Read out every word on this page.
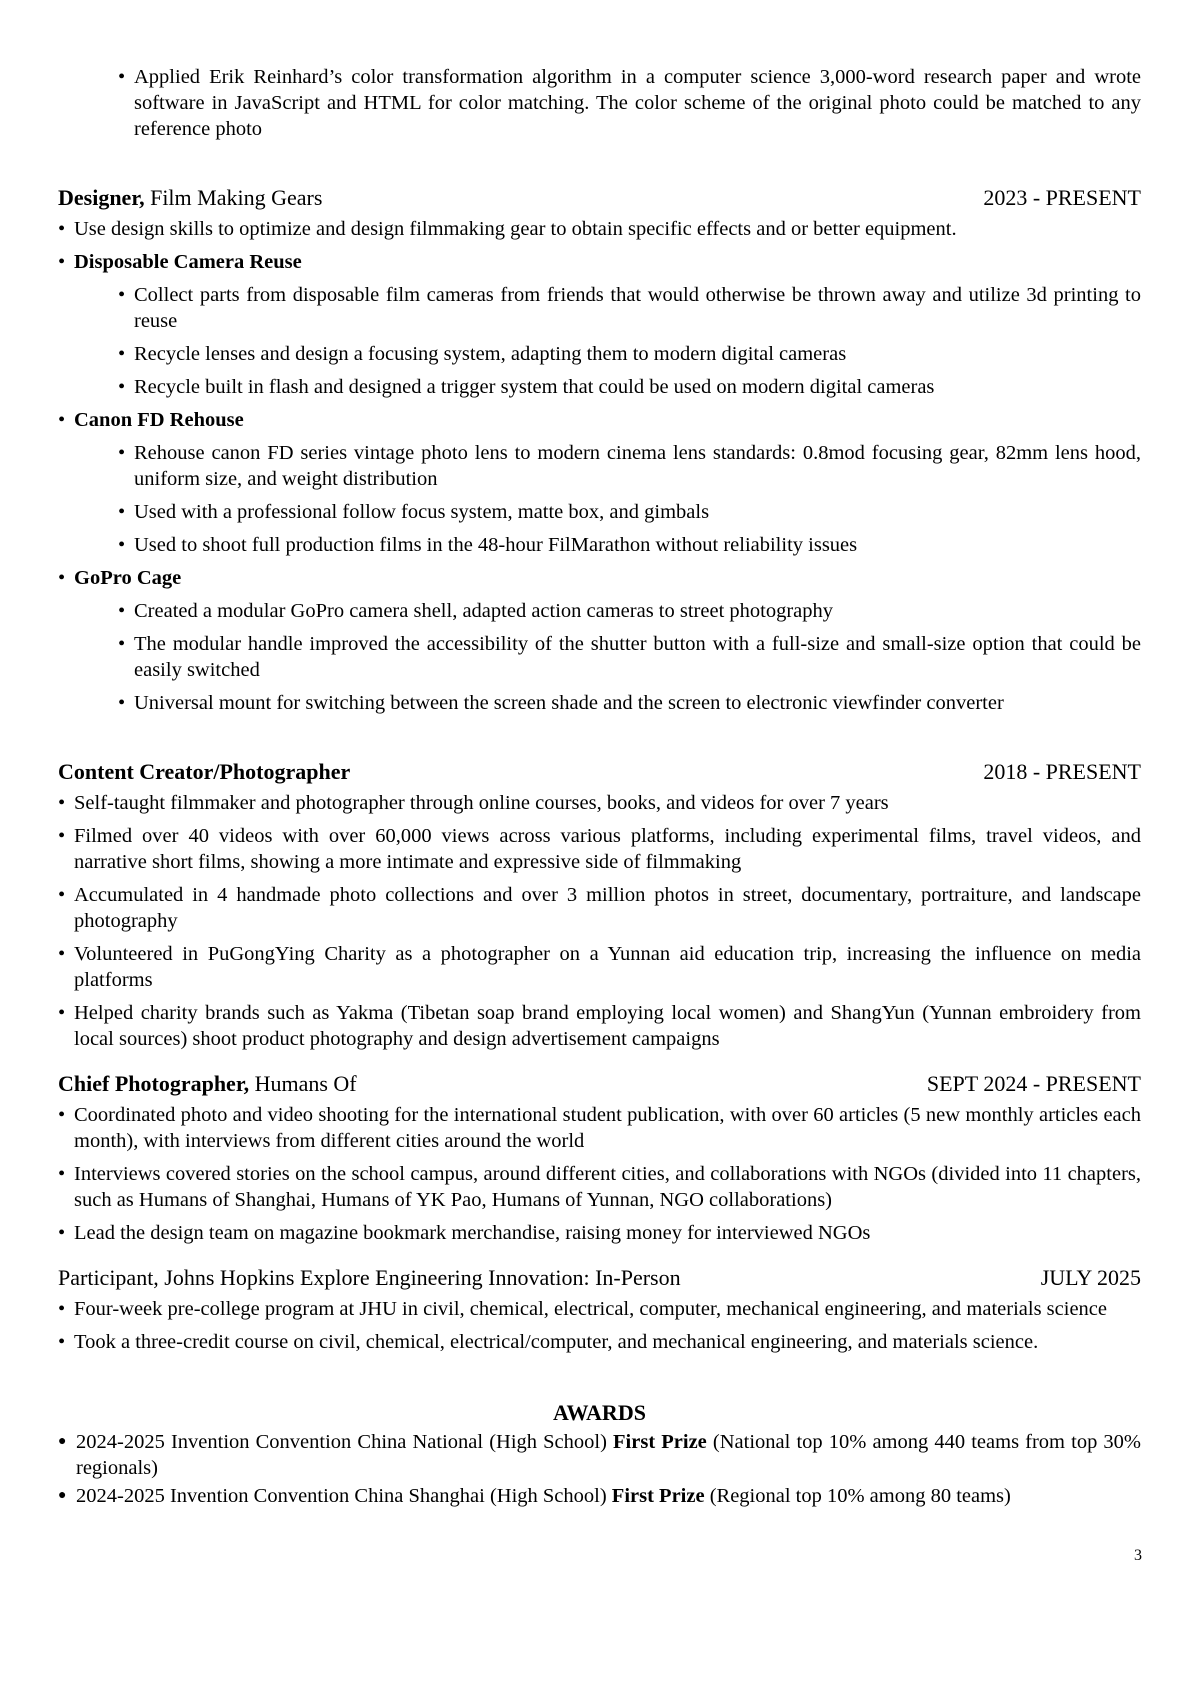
• Applied Erik Reinhard’s color transformation algorithm in a computer science 3,000-word research paper and wrote software in JavaScript and HTML for color matching. The color scheme of the original photo could be matched to any reference photo
Designer, Film Making Gears	2023 - PRESENT
• Use design skills to optimize and design filmmaking gear to obtain specific effects and or better equipment.
• Disposable Camera Reuse
• Collect parts from disposable film cameras from friends that would otherwise be thrown away and utilize 3d printing to reuse
• Recycle lenses and design a focusing system, adapting them to modern digital cameras
• Recycle built in flash and designed a trigger system that could be used on modern digital cameras
• Canon FD Rehouse
• Rehouse canon FD series vintage photo lens to modern cinema lens standards: 0.8mod focusing gear, 82mm lens hood, uniform size, and weight distribution
• Used with a professional follow focus system, matte box, and gimbals
• Used to shoot full production films in the 48-hour FilMarathon without reliability issues
• GoPro Cage
• Created a modular GoPro camera shell, adapted action cameras to street photography
• The modular handle improved the accessibility of the shutter button with a full-size and small-size option that could be easily switched
• Universal mount for switching between the screen shade and the screen to electronic viewfinder converter
Content Creator/Photographer	2018 - PRESENT
• Self-taught filmmaker and photographer through online courses, books, and videos for over 7 years
• Filmed over 40 videos with over 60,000 views across various platforms, including experimental films, travel videos, and narrative short films, showing a more intimate and expressive side of filmmaking
• Accumulated in 4 handmade photo collections and over 3 million photos in street, documentary, portraiture, and landscape photography
• Volunteered in PuGongYing Charity as a photographer on a Yunnan aid education trip, increasing the influence on media platforms
• Helped charity brands such as Yakma (Tibetan soap brand employing local women) and ShangYun (Yunnan embroidery from local sources) shoot product photography and design advertisement campaigns
Chief Photographer, Humans Of	SEPT 2024 - PRESENT
• Coordinated photo and video shooting for the international student publication, with over 60 articles (5 new monthly articles each month), with interviews from different cities around the world
• Interviews covered stories on the school campus, around different cities, and collaborations with NGOs (divided into 11 chapters, such as Humans of Shanghai, Humans of YK Pao, Humans of Yunnan, NGO collaborations)
• Lead the design team on magazine bookmark merchandise, raising money for interviewed NGOs
Participant, Johns Hopkins Explore Engineering Innovation: In-Person	JULY 2025
• Four-week pre-college program at JHU in civil, chemical, electrical, computer, mechanical engineering, and materials science
• Took a three-credit course on civil, chemical, electrical/computer, and mechanical engineering, and materials science.
AWARDS
● 2024-2025 Invention Convention China National (High School) First Prize (National top 10% among 440 teams from top 30% regionals)
● 2024-2025 Invention Convention China Shanghai (High School) First Prize (Regional top 10% among 80 teams)
3
